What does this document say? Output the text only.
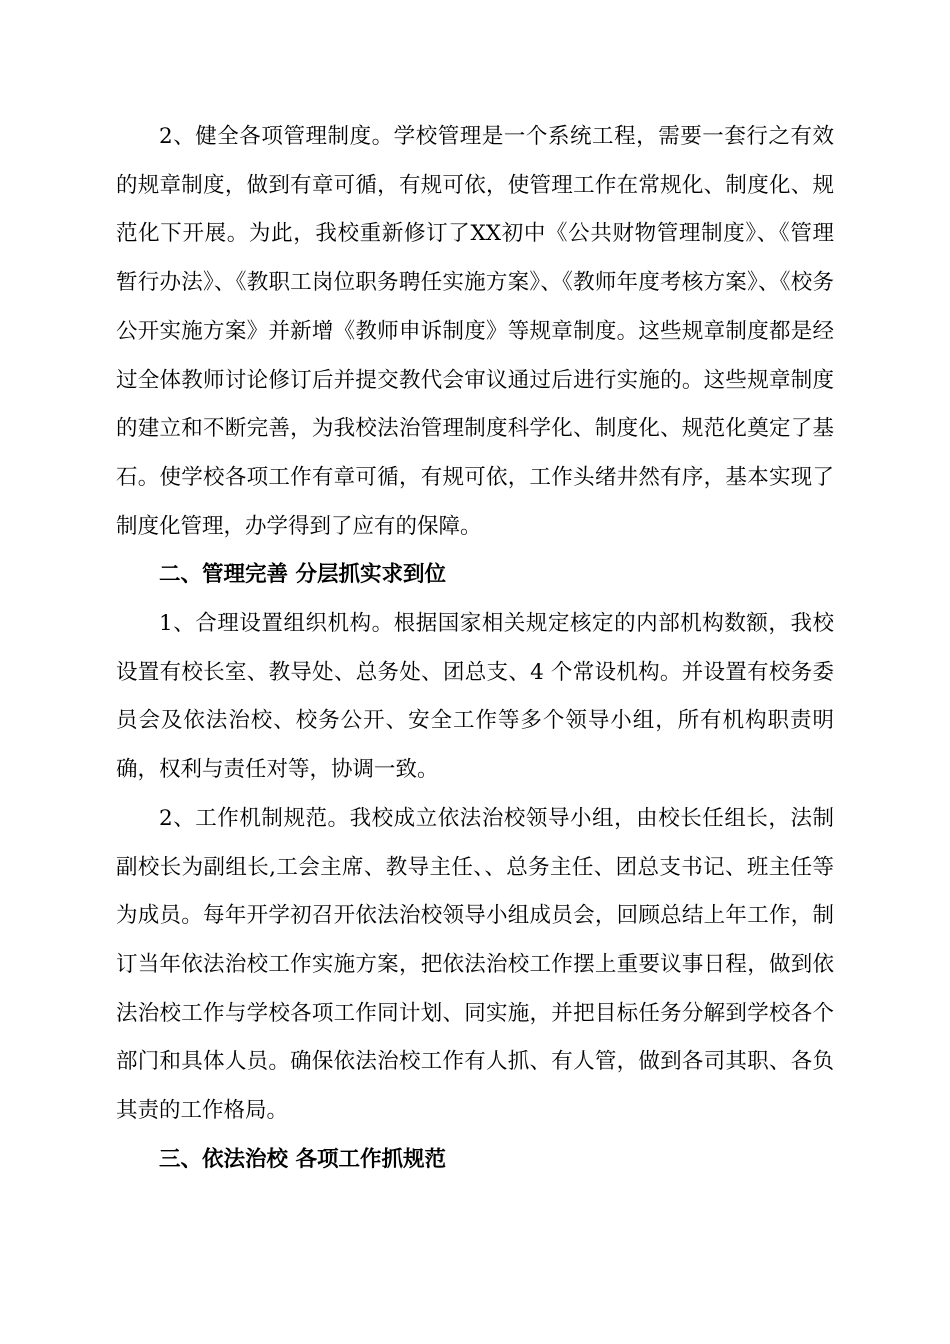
2、健全各项管理制度。学校管理是一个系统工程，需要一套行之有效的规章制度，做到有章可循，有规可依，使管理工作在常规化、制度化、规范化下开展。为此，我校重新修订了XX初中《公共财物管理制度》、《管理暂行办法》、《教职工岗位职务聘任实施方案》、《教师年度考核方案》、《校务公开实施方案》并新增《教师申诉制度》等规章制度。这些规章制度都是经过全体教师讨论修订后并提交教代会审议通过后进行实施的。这些规章制度的建立和不断完善，为我校法治管理制度科学化、制度化、规范化奠定了基石。使学校各项工作有章可循，有规可依，工作头绪井然有序，基本实现了制度化管理，办学得到了应有的保障。

二、管理完善 分层抓实求到位

1、合理设置组织机构。根据国家相关规定核定的内部机构数额，我校设置有校长室、教导处、总务处、团总支、4 个常设机构。并设置有校务委员会及依法治校、校务公开、安全工作等多个领导小组，所有机构职责明确，权利与责任对等，协调一致。

2、工作机制规范。我校成立依法治校领导小组，由校长任组长，法制副校长为副组长,工会主席、教导主任、、总务主任、团总支书记、班主任等为成员。每年开学初召开依法治校领导小组成员会，回顾总结上年工作，制订当年依法治校工作实施方案，把依法治校工作摆上重要议事日程，做到依法治校工作与学校各项工作同计划、同实施，并把目标任务分解到学校各个部门和具体人员。确保依法治校工作有人抓、有人管，做到各司其职、各负其责的工作格局。

三、依法治校 各项工作抓规范
